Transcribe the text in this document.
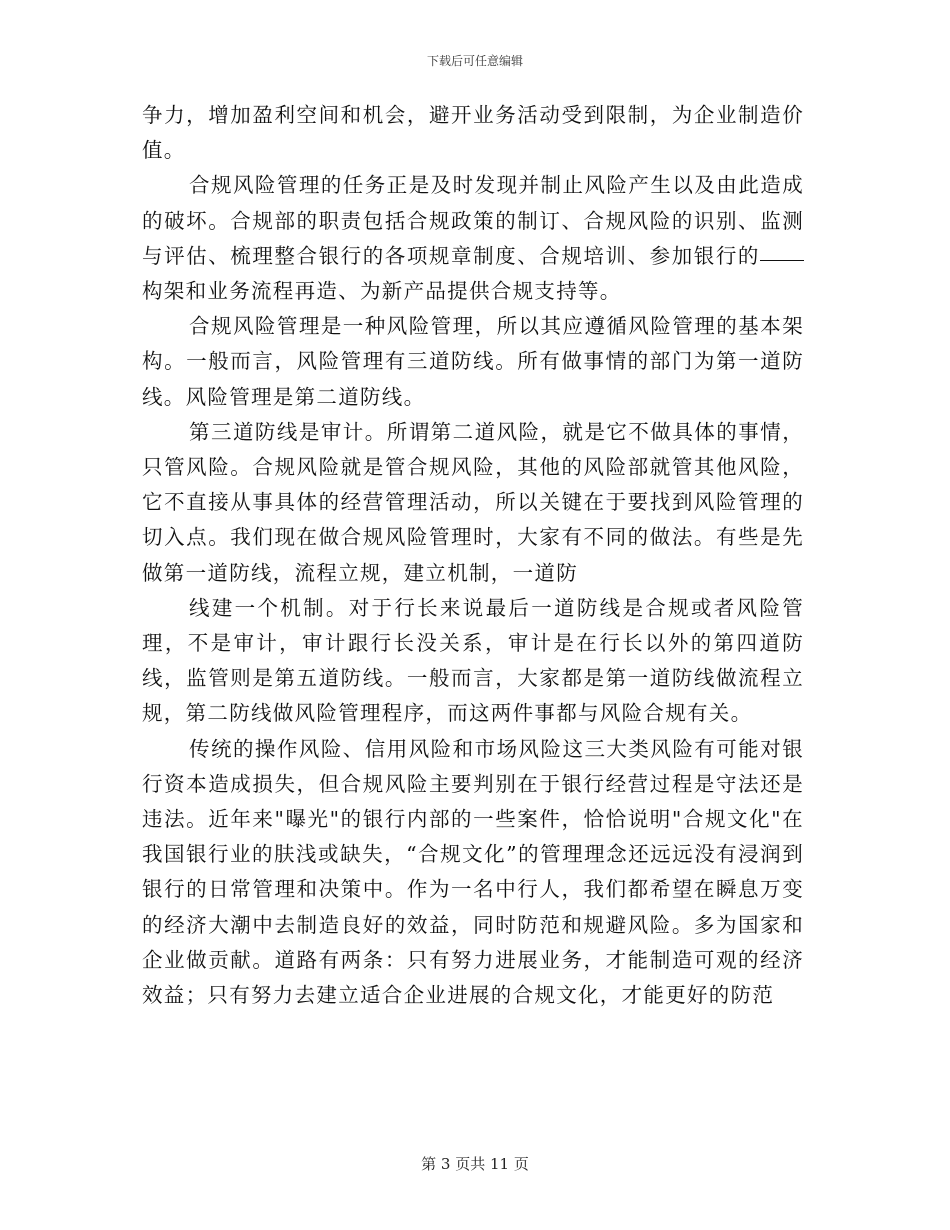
下载后可任意编辑

争力，增加盈利空间和机会，避开业务活动受到限制，为企业制造价值。

合规风险管理的任务正是及时发现并制止风险产生以及由此造成的破坏。合规部的职责包括合规政策的制订、合规风险的识别、监测与评估、梳理整合银行的各项规章制度、合规培训、参加银行的构架和业务流程再造、为新产品提供合规支持等。

合规风险管理是一种风险管理，所以其应遵循风险管理的基本架构。一般而言，风险管理有三道防线。所有做事情的部门为第一道防线。风险管理是第二道防线。

第三道防线是审计。所谓第二道风险，就是它不做具体的事情，只管风险。合规风险就是管合规风险，其他的风险部就管其他风险，它不直接从事具体的经营管理活动，所以关键在于要找到风险管理的切入点。我们现在做合规风险管理时，大家有不同的做法。有些是先做第一道防线，流程立规，建立机制，一道防

线建一个机制。对于行长来说最后一道防线是合规或者风险管理，不是审计，审计跟行长没关系，审计是在行长以外的第四道防线，监管则是第五道防线。一般而言，大家都是第一道防线做流程立规，第二防线做风险管理程序，而这两件事都与风险合规有关。

传统的操作风险、信用风险和市场风险这三大类风险有可能对银行资本造成损失，但合规风险主要判别在于银行经营过程是守法还是违法。近年来"曝光"的银行内部的一些案件，恰恰说明"合规文化"在我国银行业的肤浅或缺失，“合规文化”的管理理念还远远没有浸润到银行的日常管理和决策中。作为一名中行人，我们都希望在瞬息万变的经济大潮中去制造良好的效益，同时防范和规避风险。多为国家和企业做贡献。道路有两条：只有努力进展业务，才能制造可观的经济效益；只有努力去建立适合企业进展的合规文化，才能更好的防范

第 3 页共 11 页
